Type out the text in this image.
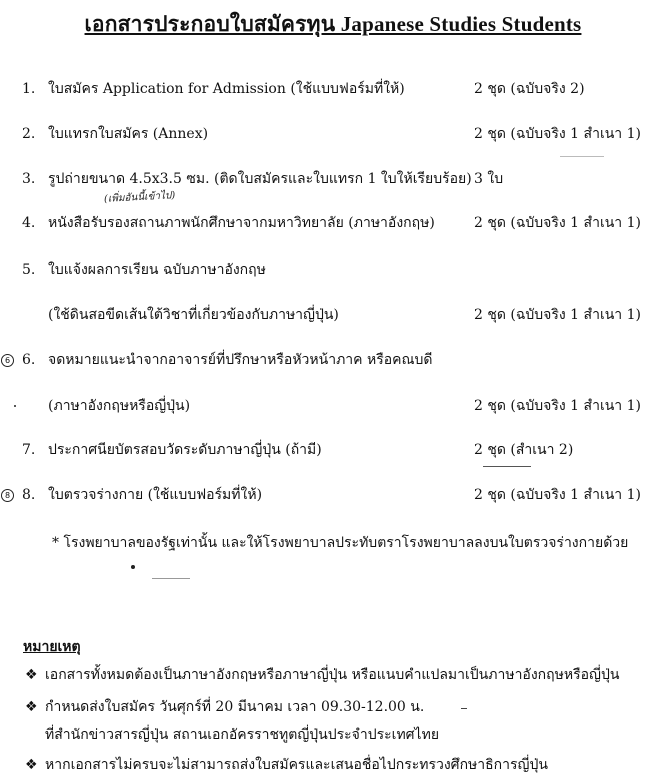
เอกสารประกอบใบสมัครทุน Japanese Studies Students
1. ใบสมัคร Application for Admission (ใช้แบบฟอร์มที่ให้)	2 ชุด (ฉบับจริง 2)
2. ใบแทรกใบสมัคร (Annex)	2 ชุด (ฉบับจริง 1 สำเนา 1)
3. รูปถ่ายขนาด 4.5x3.5 ซม. (ติดใบสมัครและใบแทรก 1 ใบให้เรียบร้อย) 3 ใบ
(เพิ่มอันนี้เข้าไป)
4. หนังสือรับรองสถานภาพนักศึกษาจากมหาวิทยาลัย (ภาษาอังกฤษ)	2 ชุด (ฉบับจริง 1 สำเนา 1)
5. ใบแจ้งผลการเรียน ฉบับภาษาอังกฤษ
(ใช้ดินสอขีดเส้นใต้วิชาที่เกี่ยวข้องกับภาษาญี่ปุ่น)	2 ชุด (ฉบับจริง 1 สำเนา 1)
6 6. จดหมายแนะนำจากอาจารย์ที่ปรึกษาหรือหัวหน้าภาค หรือคณบดี
(ภาษาอังกฤษหรือญี่ปุ่น)	2 ชุด (ฉบับจริง 1 สำเนา 1)
7. ประกาศนียบัตรสอบวัดระดับภาษาญี่ปุ่น (ถ้ามี)	2 ชุด (สำเนา 2)
8 8. ใบตรวจร่างกาย (ใช้แบบฟอร์มที่ให้)	2 ชุด (ฉบับจริง 1 สำเนา 1)
* โรงพยาบาลของรัฐเท่านั้น และให้โรงพยาบาลประทับตราโรงพยาบาลลงบนใบตรวจร่างกายด้วย
หมายเหตุ
❖ เอกสารทั้งหมดต้องเป็นภาษาอังกฤษหรือภาษาญี่ปุ่น หรือแนบคำแปลมาเป็นภาษาอังกฤษหรือญี่ปุ่น
❖ กำหนดส่งใบสมัคร วันศุกร์ที่ 20 มีนาคม เวลา 09.30-12.00 น.
ที่สำนักข่าวสารญี่ปุ่น สถานเอกอัครราชทูตญี่ปุ่นประจำประเทศไทย
❖ หากเอกสารไม่ครบจะไม่สามารถส่งใบสมัครและเสนอชื่อไปกระทรวงศึกษาธิการญี่ปุ่น
